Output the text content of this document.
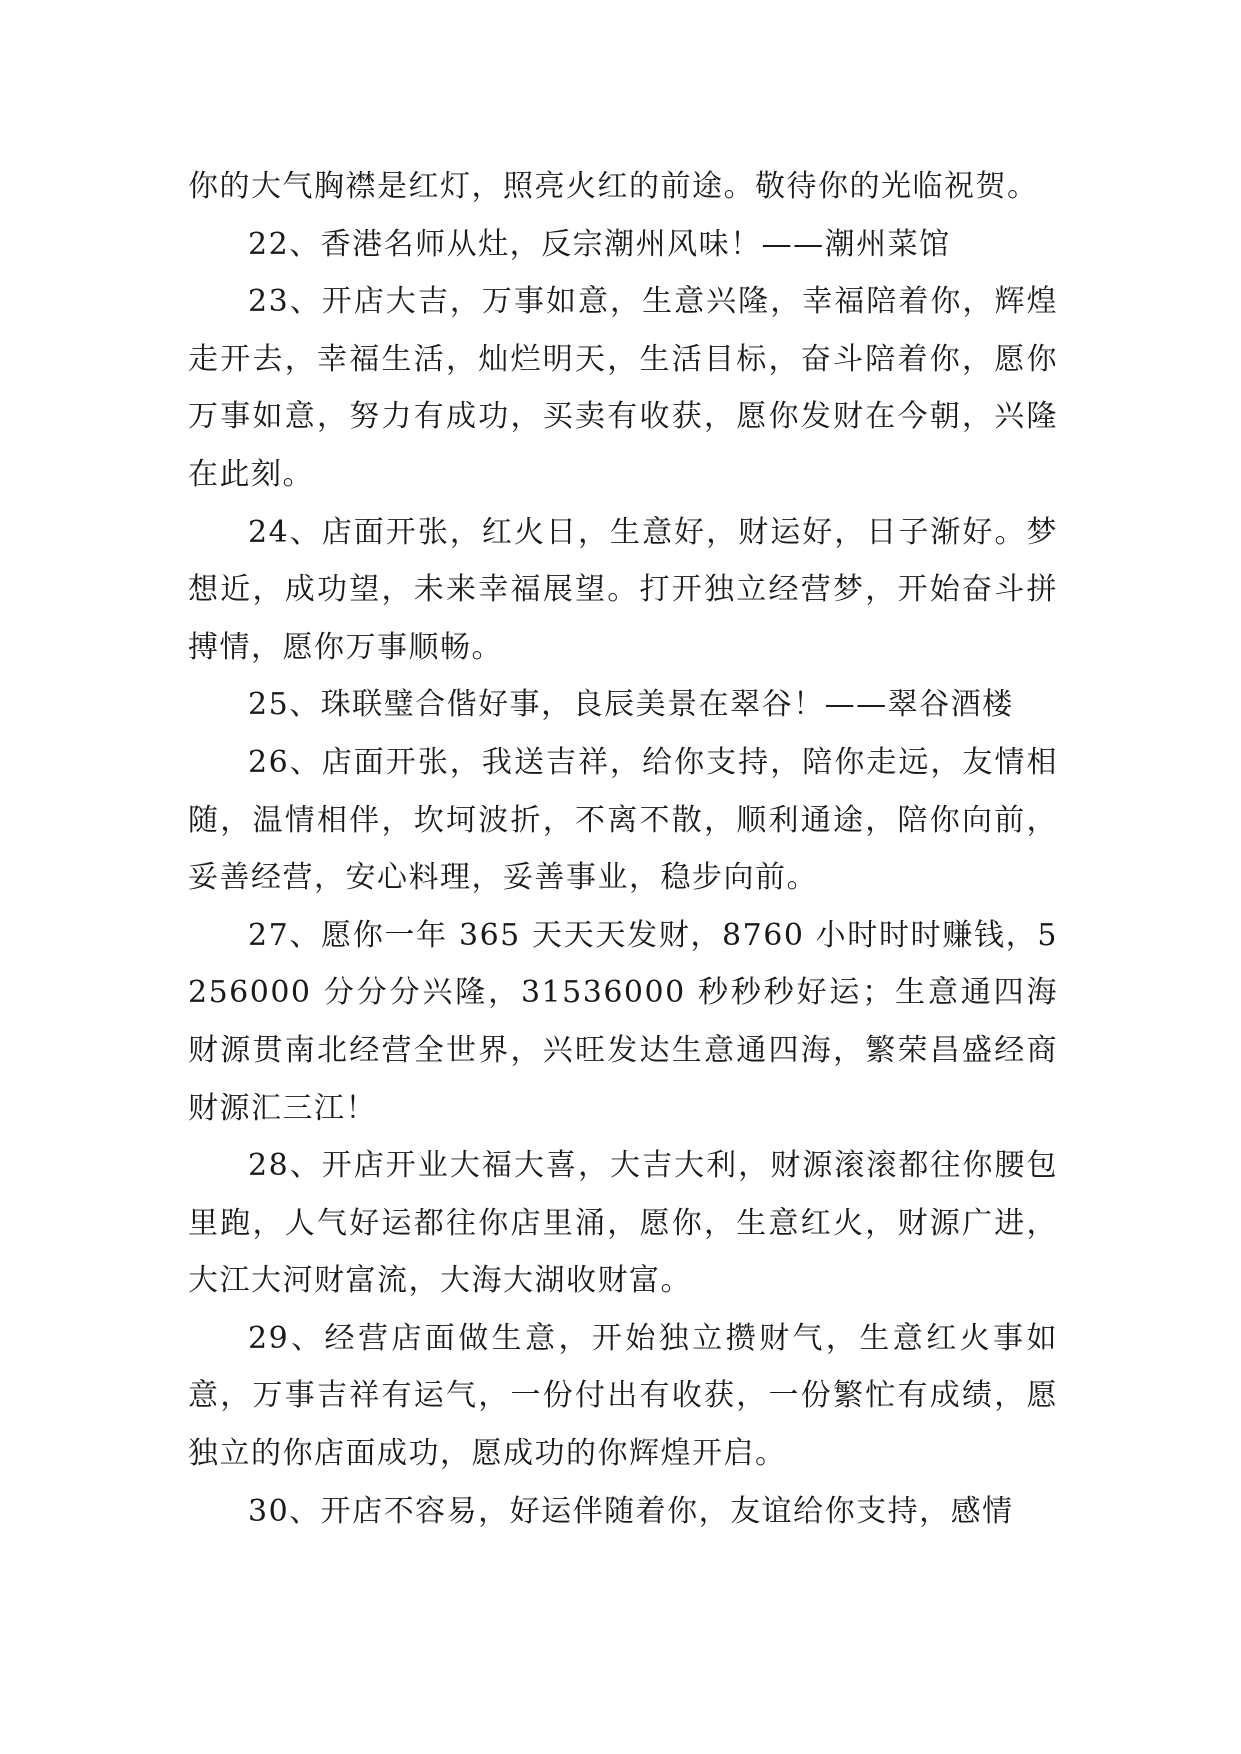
你的大气胸襟是红灯，照亮火红的前途。敬待你的光临祝贺。

22、香港名师从灶，反宗潮州风味！——潮州菜馆

23、开店大吉，万事如意，生意兴隆，幸福陪着你，辉煌走开去，幸福生活，灿烂明天，生活目标，奋斗陪着你，愿你万事如意，努力有成功，买卖有收获，愿你发财在今朝，兴隆在此刻。

24、店面开张，红火日，生意好，财运好，日子渐好。梦想近，成功望，未来幸福展望。打开独立经营梦，开始奋斗拼搏情，愿你万事顺畅。

25、珠联璧合偕好事，良辰美景在翠谷！——翠谷酒楼

26、店面开张，我送吉祥，给你支持，陪你走远，友情相随，温情相伴，坎坷波折，不离不散，顺利通途，陪你向前，妥善经营，安心料理，妥善事业，稳步向前。

27、愿你一年 365 天天天发财，8760 小时时时赚钱，5256000 分分分兴隆，31536000 秒秒秒好运；生意通四海财源贯南北经营全世界，兴旺发达生意通四海，繁荣昌盛经商财源汇三江！

28、开店开业大福大喜，大吉大利，财源滚滚都往你腰包里跑，人气好运都往你店里涌，愿你，生意红火，财源广进，大江大河财富流，大海大湖收财富。

29、经营店面做生意，开始独立攒财气，生意红火事如意，万事吉祥有运气，一份付出有收获，一份繁忙有成绩，愿独立的你店面成功，愿成功的你辉煌开启。

30、开店不容易，好运伴随着你，友谊给你支持，感情
